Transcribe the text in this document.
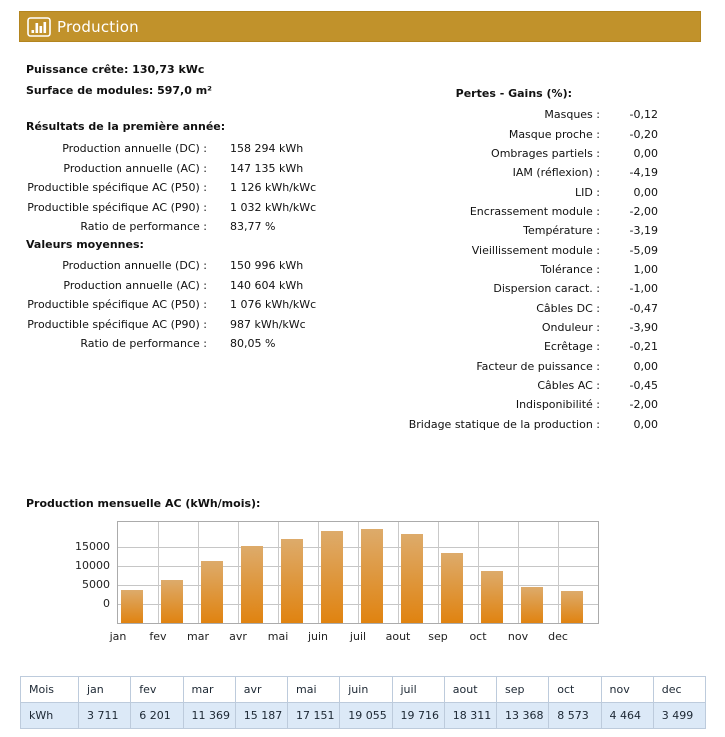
Production
Puissance crête: 130,73 kWc
Surface de modules: 597,0 m²
Résultats de la première année:
Production annuelle (DC) : 158 294 kWh
Production annuelle (AC) : 147 135 kWh
Productible spécifique AC (P50) : 1 126 kWh/kWc
Productible spécifique AC (P90) : 1 032 kWh/kWc
Ratio de performance : 83,77 %
Valeurs moyennes:
Production annuelle (DC) : 150 996 kWh
Production annuelle (AC) : 140 604 kWh
Productible spécifique AC (P50) : 1 076 kWh/kWc
Productible spécifique AC (P90) : 987 kWh/kWc
Ratio de performance : 80,05 %
Pertes - Gains (%):
Masques :	-0,12
Masque proche :	-0,20
Ombrages partiels :	0,00
IAM (réflexion) :	-4,19
LID :	0,00
Encrassement module :	-2,00
Température :	-3,19
Vieillissement module :	-5,09
Tolérance :	1,00
Dispersion caract. :	-1,00
Câbles DC :	-0,47
Onduleur :	-3,90
Ecrêtage :	-0,21
Facteur de puissance :	0,00
Câbles AC :	-0,45
Indisponibilité :	-2,00
Bridage statique de la production :	0,00
Production mensuelle AC (kWh/mois):
0
5000
10000
15000
jan	fev	mar	avr	mai	juin	juil	aout	sep	oct	nov	dec
Mois	jan	fev	mar	avr	mai	juin	juil	aout	sep	oct	nov	dec
kWh	3 711	6 201	11 369	15 187	17 151	19 055	19 716	18 311	13 368	8 573	4 464	3 499
